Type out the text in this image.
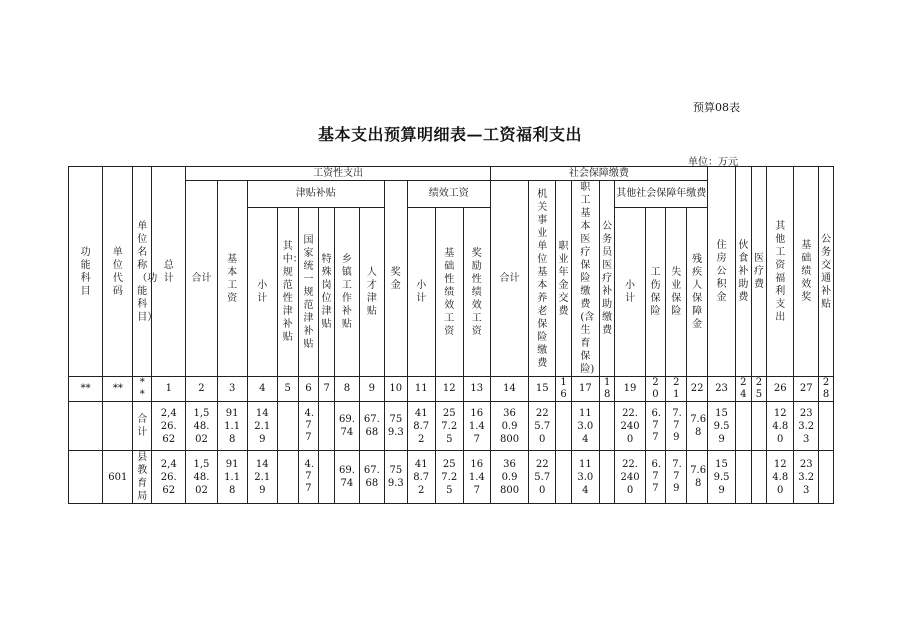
预算08表
基本支出预算明细表—工资福利支出
单位：万元
功能科目	单位代码	单位名称（功能科目）	总计	工资性支出												社会保障缴费									住房公积金	伙食补助费	医疗费	其他工资福利支出	基础绩效奖	公务交通补贴
				合计	基本工资	津贴补贴						奖金	绩效工资			合计	机关事业单位基本养老保险缴费	职业年金交费	职工基本医疗保险缴费(含生育保险)	公务员医疗补助缴费	其他社会保障年缴费									
						小计	其中：规范性津补贴	国家统一规范津补贴	特殊岗位津贴	乡镇工作补贴	人才津贴		小计	基础性绩效工资	奖励性绩效工资						小计	工伤保险	失业保险	残疾人保障金						
**	**	**	1	2	3	4	5	6	7	8	9	10	11	12	13	14	15	16	17	18	19	20	21	22	23	24	25	26	27	28
		合计	2,426.62	1,548.02	911.18	142.19		4.77		69.74	67.68	759.3	418.72	257.25	161.47	360.9800	225.70		113.04		22.2400	6.77	7.79	7.68	159.59			124.80	233.23	
	601	县教育局	2,426.62	1,548.02	911.18	142.19		4.77		69.74	67.68	759.3	418.72	257.25	161.47	360.9800	225.70		113.04		22.2400	6.77	7.79	7.68	159.59			124.80	233.23	
